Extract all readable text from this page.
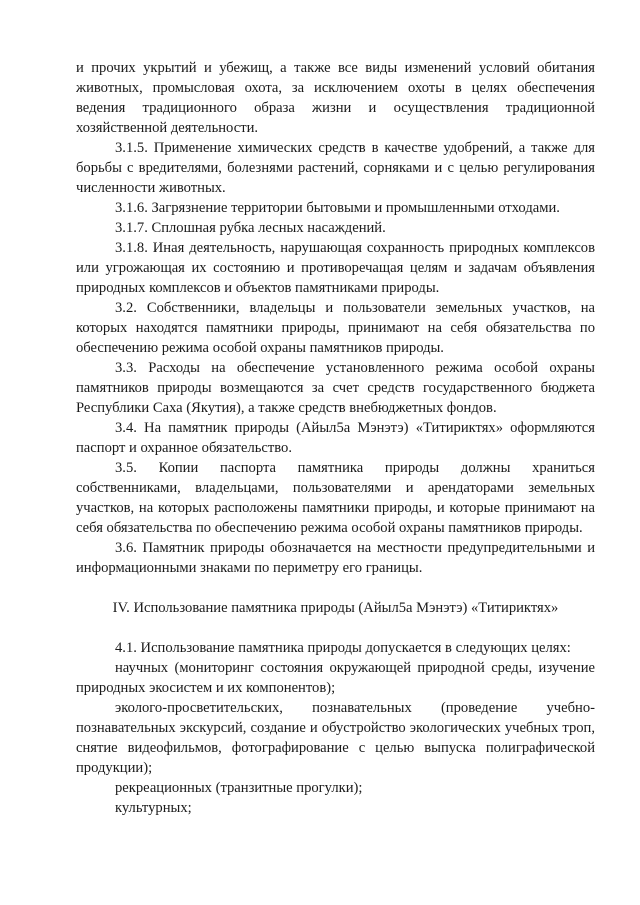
и прочих укрытий и убежищ, а также все виды изменений условий обитания животных, промысловая охота, за исключением охоты в целях обеспечения ведения традиционного образа жизни и осуществления традиционной хозяйственной деятельности.

3.1.5. Применение химических средств в качестве удобрений, а также для борьбы с вредителями, болезнями растений, сорняками и с целью регулирования численности животных.

3.1.6. Загрязнение территории бытовыми и промышленными отходами.

3.1.7. Сплошная рубка лесных насаждений.

3.1.8. Иная деятельность, нарушающая сохранность природных комплексов или угрожающая их состоянию и противоречащая целям и задачам объявления природных комплексов и объектов памятниками природы.

3.2. Собственники, владельцы и пользователи земельных участков, на которых находятся памятники природы, принимают на себя обязательства по обеспечению режима особой охраны памятников природы.

3.3. Расходы на обеспечение установленного режима особой охраны памятников природы возмещаются за счет средств государственного бюджета Республики Саха (Якутия), а также средств внебюджетных фондов.

3.4. На памятник природы (Айыл5а Мэнэтэ) «Титириктях» оформляются паспорт и охранное обязательство.

3.5. Копии паспорта памятника природы должны храниться собственниками, владельцами, пользователями и арендаторами земельных участков, на которых расположены памятники природы, и которые принимают на себя обязательства по обеспечению режима особой охраны памятников природы.

3.6. Памятник природы обозначается на местности предупредительными и информационными знаками по периметру его границы.

IV. Использование памятника природы (Айыл5а Мэнэтэ) «Титириктях»

4.1. Использование памятника природы допускается в следующих целях:

научных (мониторинг состояния окружающей природной среды, изучение природных экосистем и их компонентов);

эколого-просветительских, познавательных (проведение учебно-познавательных экскурсий, создание и обустройство экологических учебных троп, снятие видеофильмов, фотографирование с целью выпуска полиграфической продукции);

рекреационных (транзитные прогулки);

культурных;
